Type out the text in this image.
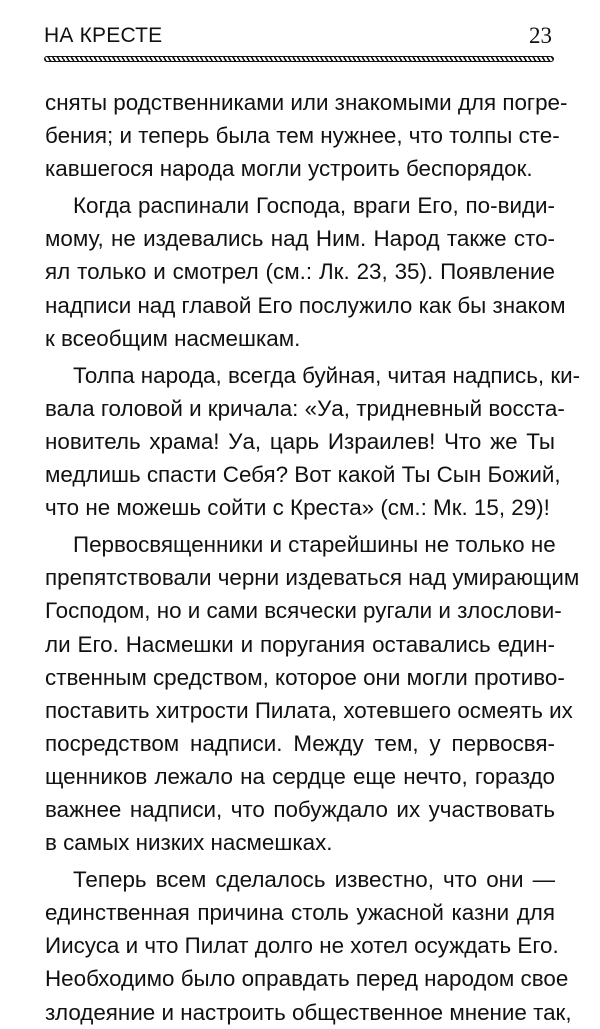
НА КРЕСТЕ	23

сняты родственниками или знакомыми для погре-
бения; и теперь была тем нужнее, что толпы сте-
кавшегося народа могли устроить беспорядок.

Когда распинали Господа, враги Его, по-види-
мому, не издевались над Ним. Народ также сто-
ял только и смотрел (см.: Лк. 23, 35). Появление
надписи над главой Его послужило как бы знаком
к всеобщим насмешкам.

Толпа народа, всегда буйная, читая надпись, ки-
вала головой и кричала: «Уа, тридневный восста-
новитель храма! Уа, царь Израилев! Что же Ты
медлишь спасти Себя? Вот какой Ты Сын Божий,
что не можешь сойти с Креста» (см.: Мк. 15, 29)!

Первосвященники и старейшины не только не
препятствовали черни издеваться над умирающим
Господом, но и сами всячески ругали и злослови-
ли Его. Насмешки и поругания оставались един-
ственным средством, которое они могли противо-
поставить хитрости Пилата, хотевшего осмеять их
посредством надписи. Между тем, у первосвя-
щенников лежало на сердце еще нечто, гораздо
важнее надписи, что побуждало их участвовать
в самых низких насмешках.

Теперь всем сделалось известно, что они —
единственная причина столь ужасной казни для
Иисуса и что Пилат долго не хотел осуждать Его.
Необходимо было оправдать перед народом свое
злодеяние и настроить общественное мнение так,
